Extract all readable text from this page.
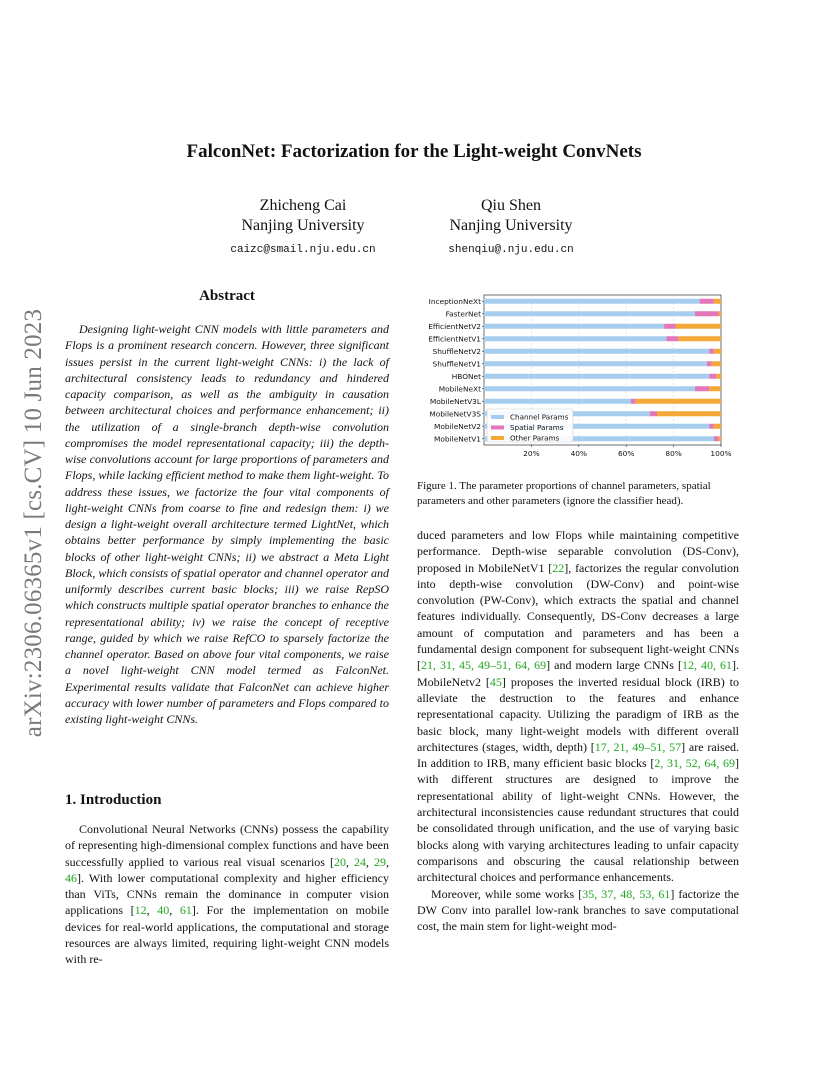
arXiv:2306.06365v1 [cs.CV] 10 Jun 2023
FalconNet: Factorization for the Light-weight ConvNets
Zhicheng Cai
Nanjing University
caizc@smail.nju.edu.cn
Qiu Shen
Nanjing University
shenqiu@.nju.edu.cn
Abstract

Designing light-weight CNN models with little parameters and Flops is a prominent research concern. However, three significant issues persist in the current light-weight CNNs: i) the lack of architectural consistency leads to redundancy and hindered capacity comparison, as well as the ambiguity in causation between architectural choices and performance enhancement; ii) the utilization of a single-branch depth-wise convolution compromises the model representational capacity; iii) the depth-wise convolutions account for large proportions of parameters and Flops, while lacking efficient method to make them light-weight. To address these issues, we factorize the four vital components of light-weight CNNs from coarse to fine and redesign them: i) we design a light-weight overall architecture termed LightNet, which obtains better performance by simply implementing the basic blocks of other light-weight CNNs; ii) we abstract a Meta Light Block, which consists of spatial operator and channel operator and uniformly describes current basic blocks; iii) we raise RepSO which constructs multiple spatial operator branches to enhance the representational ability; iv) we raise the concept of receptive range, guided by which we raise RefCO to sparsely factorize the channel operator. Based on above four vital components, we raise a novel light-weight CNN model termed as FalconNet. Experimental results validate that FalconNet can achieve higher accuracy with lower number of parameters and Flops compared to existing light-weight CNNs.

1. Introduction

Convolutional Neural Networks (CNNs) possess the capability of representing high-dimensional complex functions and have been successfully applied to various real visual scenarios [20, 24, 29, 46]. With lower computational complexity and higher efficiency than ViTs, CNNs remain the dominance in computer vision applications [12, 40, 61]. For the implementation on mobile devices for real-world applications, the computational and storage resources are always limited, requiring light-weight CNN models with re-

InceptionNeXt
FasterNet
EfficientNetV2
EfficientNetV1
ShuffleNetV2
ShuffleNetV1
HBONet
MobileNeXt
MobileNetV3L
MobileNetV3S
MobileNetV2
MobileNetV1
20%	40%	60%	80%	100%
Channel Params
Spatial Params
Other Params

Figure 1. The parameter proportions of channel parameters, spatial parameters and other parameters (ignore the classifier head).

duced parameters and low Flops while maintaining competitive performance. Depth-wise separable convolution (DS-Conv), proposed in MobileNetV1 [22], factorizes the regular convolution into depth-wise convolution (DW-Conv) and point-wise convolution (PW-Conv), which extracts the spatial and channel features individually. Consequently, DS-Conv decreases a large amount of computation and parameters and has been a fundamental design component for subsequent light-weight CNNs [21, 31, 45, 49–51, 64, 69] and modern large CNNs [12, 40, 61]. MobileNetv2 [45] proposes the inverted residual block (IRB) to alleviate the destruction to the features and enhance representational capacity. Utilizing the paradigm of IRB as the basic block, many light-weight models with different overall architectures (stages, width, depth) [17, 21, 49–51, 57] are raised. In addition to IRB, many efficient basic blocks [2, 31, 52, 64, 69] with different structures are designed to improve the representational ability of light-weight CNNs. However, the architectural inconsistencies cause redundant structures that could be consolidated through unification, and the use of varying basic blocks along with varying architectures leading to unfair capacity comparisons and obscuring the causal relationship between architectural choices and performance enhancements.

Moreover, while some works [35, 37, 48, 53, 61] factorize the DW Conv into parallel low-rank branches to save computational cost, the main stem for light-weight mod-
